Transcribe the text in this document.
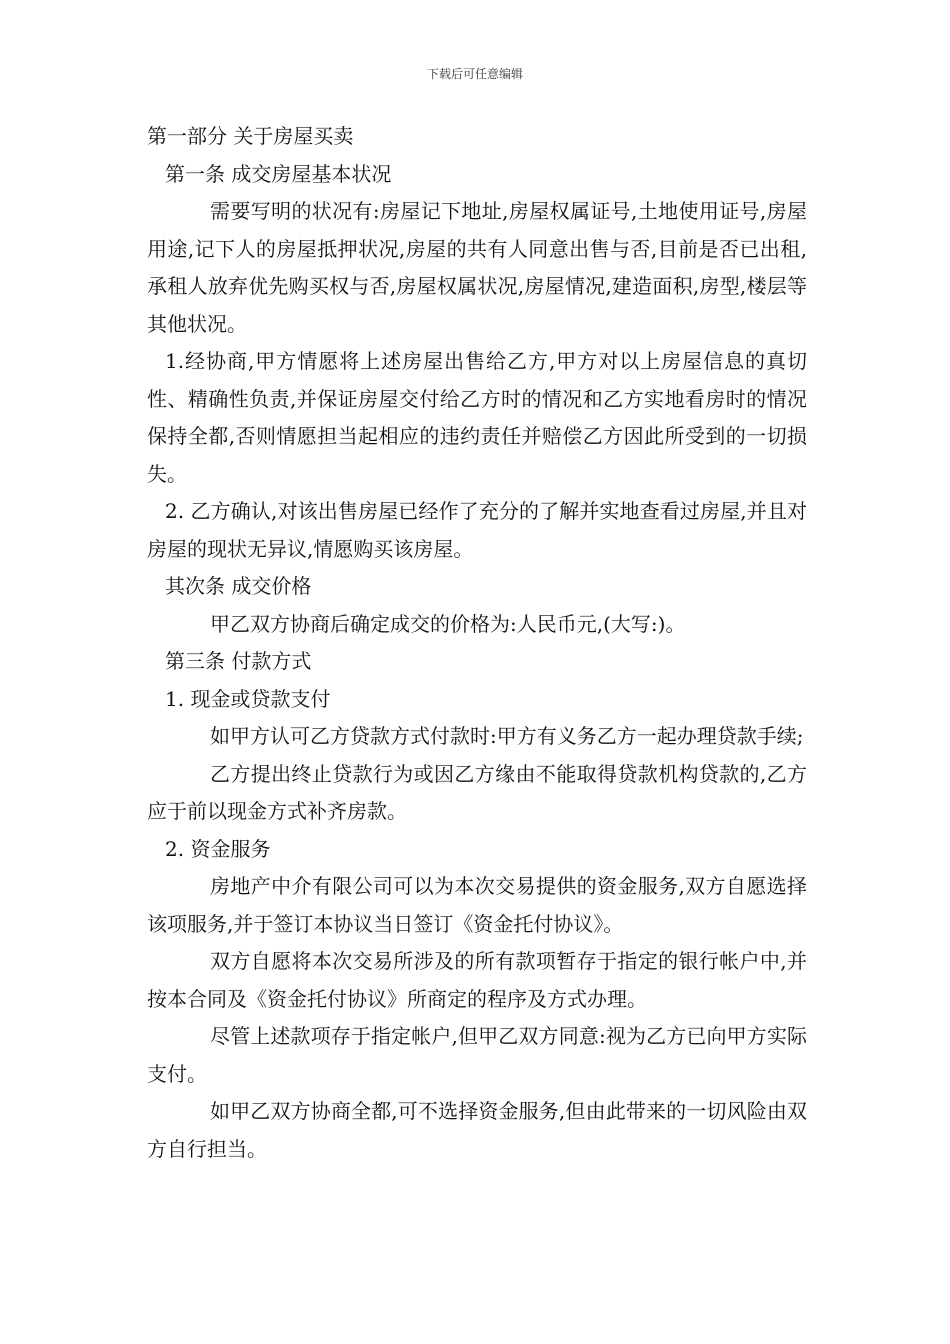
下载后可任意编辑

第一部分 关于房屋买卖

第一条 成交房屋基本状况

需要写明的状况有:房屋记下地址,房屋权属证号,土地使用证号,房屋用途,记下人的房屋抵押状况,房屋的共有人同意出售与否,目前是否已出租,承租人放弃优先购买权与否,房屋权属状况,房屋情况,建造面积,房型,楼层等其他状况。

1.经协商,甲方情愿将上述房屋出售给乙方,甲方对以上房屋信息的真切性、精确性负责,并保证房屋交付给乙方时的情况和乙方实地看房时的情况保持全都,否则情愿担当起相应的违约责任并赔偿乙方因此所受到的一切损失。

2. 乙方确认,对该出售房屋已经作了充分的了解并实地查看过房屋,并且对房屋的现状无异议,情愿购买该房屋。

其次条 成交价格

甲乙双方协商后确定成交的价格为:人民币元,(大写:)。

第三条 付款方式

1. 现金或贷款支付

如甲方认可乙方贷款方式付款时:甲方有义务乙方一起办理贷款手续;

乙方提出终止贷款行为或因乙方缘由不能取得贷款机构贷款的,乙方应于前以现金方式补齐房款。

2. 资金服务

房地产中介有限公司可以为本次交易提供的资金服务,双方自愿选择该项服务,并于签订本协议当日签订《资金托付协议》。

双方自愿将本次交易所涉及的所有款项暂存于指定的银行帐户中,并按本合同及《资金托付协议》所商定的程序及方式办理。

尽管上述款项存于指定帐户,但甲乙双方同意:视为乙方已向甲方实际支付。

如甲乙双方协商全都,可不选择资金服务,但由此带来的一切风险由双方自行担当。
